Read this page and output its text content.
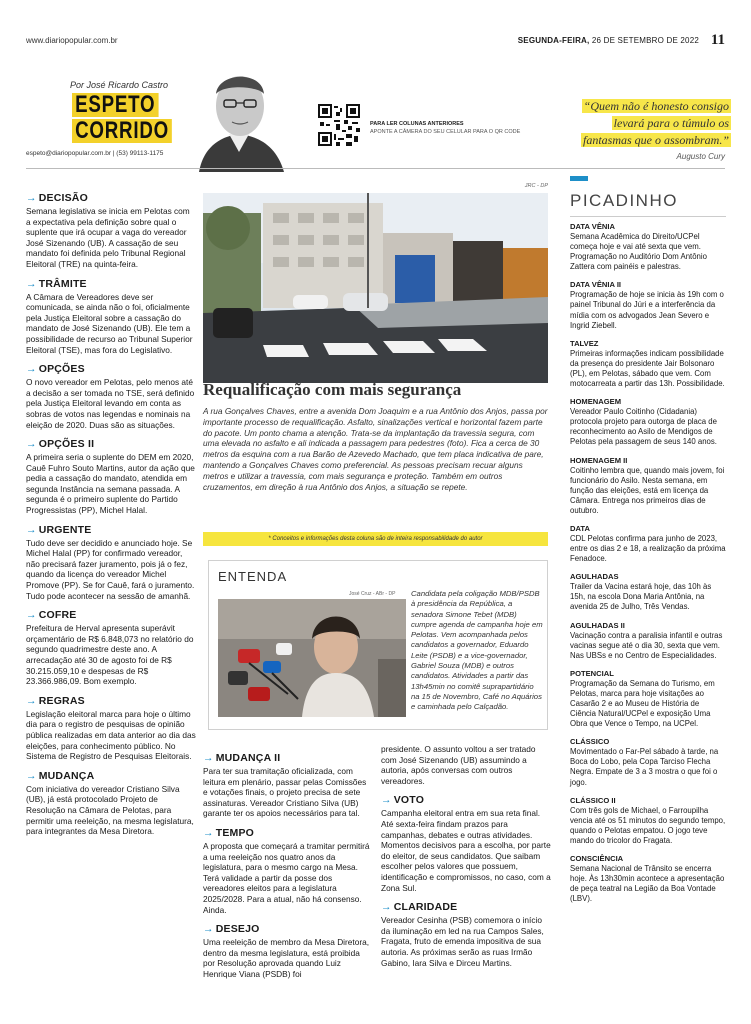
www.diariopopular.com.br	SEGUNDA-FEIRA, 26 DE SETEMBRO DE 2022 11
Por José Ricardo Castro
ESPETO
CORRIDO
espeto@diariopopular.com.br | (53) 99113-1175
PARA LER COLUNAS ANTERIORES
APONTE A CÂMERA DO SEU CELULAR PARA O QR CODE
“Quem não é honesto consigo
levará para o túmulo os
fantasmas que o assombram.”
Augusto Cury
→ DECISÃO

Semana legislativa se inicia em Pelotas com a expectativa pela definição sobre qual o suplente que irá ocupar a vaga do vereador José Sizenando (UB). A cassação de seu mandato foi definida pelo Tribunal Regional Eleitoral (TRE) na quinta-feira.

→ TRÂMITE

A Câmara de Vereadores deve ser comunicada, se ainda não o foi, oficialmente pela Justiça Eleitoral sobre a cassação do mandato de José Sizenando (UB). Ele tem a possibilidade de recurso ao Tribunal Superior Eleitoral (TSE), mas fora do Legislativo.

→ OPÇÕES

O novo vereador em Pelotas, pelo menos até a decisão a ser tomada no TSE, será definido pela Justiça Eleitoral levando em conta as sobras de votos nas legendas e nominais na eleição de 2020. Duas são as situações.

→ OPÇÕES II

A primeira seria o suplente do DEM em 2020, Cauê Fuhro Souto Martins, autor da ação que pedia a cassação do mandato, atendida em segunda Instância na semana passada. A segunda é o primeiro suplente do Partido Progressistas (PP), Michel Halal.

→ URGENTE

Tudo deve ser decidido e anunciado hoje. Se Michel Halal (PP) for confirmado vereador, não precisará fazer juramento, pois já o fez, quando da licença do vereador Michel Promove (PP). Se for Cauê, fará o juramento. Tudo pode acontecer na sessão de amanhã.

→ COFRE

Prefeitura de Herval apresenta superávit orçamentário de R$ 6.848,073 no relatório do segundo quadrimestre deste ano. A arrecadação até 30 de agosto foi de R$ 30.215.059,10 e despesas de R$ 23.366.986,09. Bom exemplo.

→ REGRAS

Legislação eleitoral marca para hoje o último dia para o registro de pesquisas de opinião pública realizadas em data anterior ao dia das eleições, para conhecimento público. No Sistema de Registro de Pesquisas Eleitorais.

→ MUDANÇA

Com iniciativa do vereador Cristiano Silva (UB), já está protocolado Projeto de Resolução na Câmara de Pelotas, para permitir uma reeleição, na mesma legislatura, para integrantes da Mesa Diretora.

JRC - DP
Requalificação com mais segurança

A rua Gonçalves Chaves, entre a avenida Dom Joaquim e a rua Antônio dos Anjos, passa por importante processo de requalificação. Asfalto, sinalizações vertical e horizontal fazem parte do pacote. Um ponto chama a atenção. Trata-se da implantação da travessia segura, com uma elevada no asfalto e ali indicada a passagem para pedestres (foto). Fica a cerca de 30 metros da esquina com a rua Barão de Azevedo Machado, que tem placa indicativa de pare, mantendo a Gonçalves Chaves como preferencial. As pessoas precisam recuar alguns metros e utilizar a travessia, com mais segurança e proteção. Também em outros cruzamentos, em direção à rua Antônio dos Anjos, a situação se repete.

* Conceitos e informações desta coluna são de inteira responsabilidade do autor
ENTENDA
José Cruz - ABr - DP Candidata pela coligação MDB/PSDB à presidência da República, a senadora Simone Tebet (MDB) cumpre agenda de campanha hoje em Pelotas. Vem acompanhada pelos candidatos a governador, Eduardo Leite (PSDB) e a vice-governador, Gabriel Souza (MDB) e outros candidatos. Atividades a partir das 13h45min no comitê suprapartidário na 15 de Novembro, Café no Aquários e caminhada pelo Calçadão.

→ MUDANÇA II

Para ter sua tramitação oficializada, com leitura em plenário, passar pelas Comissões e votações finais, o projeto precisa de sete assinaturas. Vereador Cristiano Silva (UB) garante ter os apoios necessários para tal.

→ TEMPO

A proposta que começará a tramitar permitirá a uma reeleição nos quatro anos da legislatura, para o mesmo cargo na Mesa. Terá validade a partir da posse dos vereadores eleitos para a legislatura 2025/2028. Para a atual, não há consenso. Ainda.

→ DESEJO

Uma reeleição de membro da Mesa Diretora, dentro da mesma legislatura, está proibida por Resolução aprovada quando Luiz Henrique Viana (PSDB) foi

presidente. O assunto voltou a ser tratado com José Sizenando (UB) assumindo a autoria, após conversas com outros vereadores.

→ VOTO

Campanha eleitoral entra em sua reta final. Até sexta-feira findam prazos para campanhas, debates e outras atividades. Momentos decisivos para a escolha, por parte do eleitor, de seus candidatos. Que saibam escolher pelos valores que possuem, identificação e compromissos, no caso, com a Zona Sul.

→ CLARIDADE

Vereador Cesinha (PSB) comemora o início da iluminação em led na rua Campos Sales, Fragata, fruto de emenda impositiva de sua autoria. As próximas serão as ruas Irmão Gabino, Iara Silva e Dirceu Martins.

PICADINHO
DATA VÊNIA

Semana Acadêmica do Direito/UCPel começa hoje e vai até sexta que vem. Programação no Auditório Dom Antônio Zattera com painéis e palestras.

DATA VÊNIA II

Programação de hoje se inicia às 19h com o painel Tribunal do Júri e a interferência da mídia com os advogados Jean Severo e Ingrid Ziebell.

TALVEZ

Primeiras informações indicam possibilidade da presença do presidente Jair Bolsonaro (PL), em Pelotas, sábado que vem. Com motocarreata a partir das 13h. Possibilidade.

HOMENAGEM

Vereador Paulo Coitinho (Cidadania) protocola projeto para outorga de placa de reconhecimento ao Asilo de Mendigos de Pelotas pela passagem de seus 140 anos.

HOMENAGEM II

Coitinho lembra que, quando mais jovem, foi funcionário do Asilo. Nesta semana, em função das eleições, está em licença da Câmara. Entrega nos primeiros dias de outubro.

DATA

CDL Pelotas confirma para junho de 2023, entre os dias 2 e 18, a realização da próxima Fenadoce.

AGULHADAS

Trailer da Vacina estará hoje, das 10h às 15h, na escola Dona Maria Antônia, na avenida 25 de Julho, Três Vendas.

AGULHADAS II

Vacinação contra a paralisia infantil e outras vacinas segue até o dia 30, sexta que vem. Nas UBSs e no Centro de Especialidades.

POTENCIAL

Programação da Semana do Turismo, em Pelotas, marca para hoje visitações ao Casarão 2 e ao Museu de História de Ciência Natural/UCPel e exposição Uma Obra que Vence o Tempo, na UCPel.

CLÁSSICO

Movimentado o Far-Pel sábado à tarde, na Boca do Lobo, pela Copa Tarciso Flecha Negra. Empate de 3 a 3 mostra o que foi o jogo.

CLÁSSICO II

Com três gols de Michael, o Farroupilha vencia até os 51 minutos do segundo tempo, quando o Pelotas empatou. O jogo teve mando do tricolor do Fragata.

CONSCIÊNCIA

Semana Nacional de Trânsito se encerra hoje. Às 13h30min acontece a apresentação de peça teatral na Legião da Boa Vontade (LBV).
